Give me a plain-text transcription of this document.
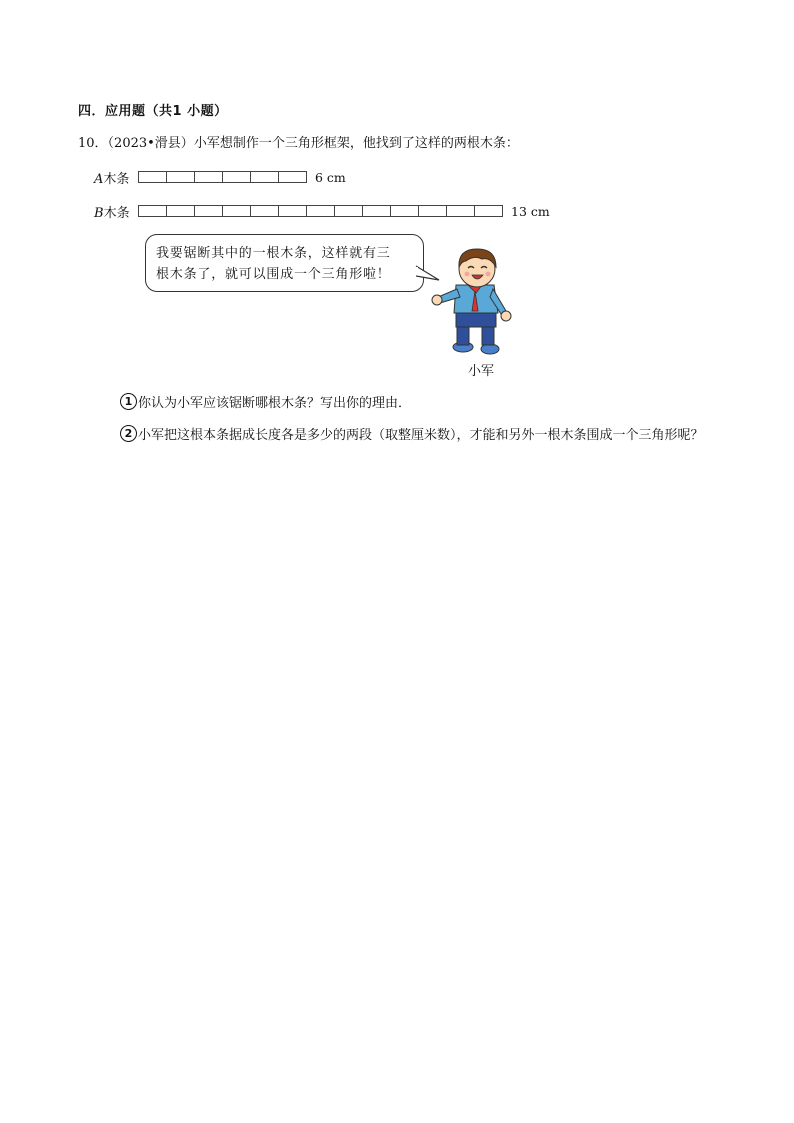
四．应用题（共1 小题）
10．（2023•滑县）小军想制作一个三角形框架，他找到了这样的两根木条：
A木条	6 cm
B木条	13 cm
我要锯断其中的一根木条，这样就有三
根木条了，就可以围成一个三角形啦！
小军
1 你认为小军应该锯断哪根木条？写出你的理由．
2 小军把这根本条据成长度各是多少的两段（取整厘米数），才能和另外一根木条围成一个三角形呢？
